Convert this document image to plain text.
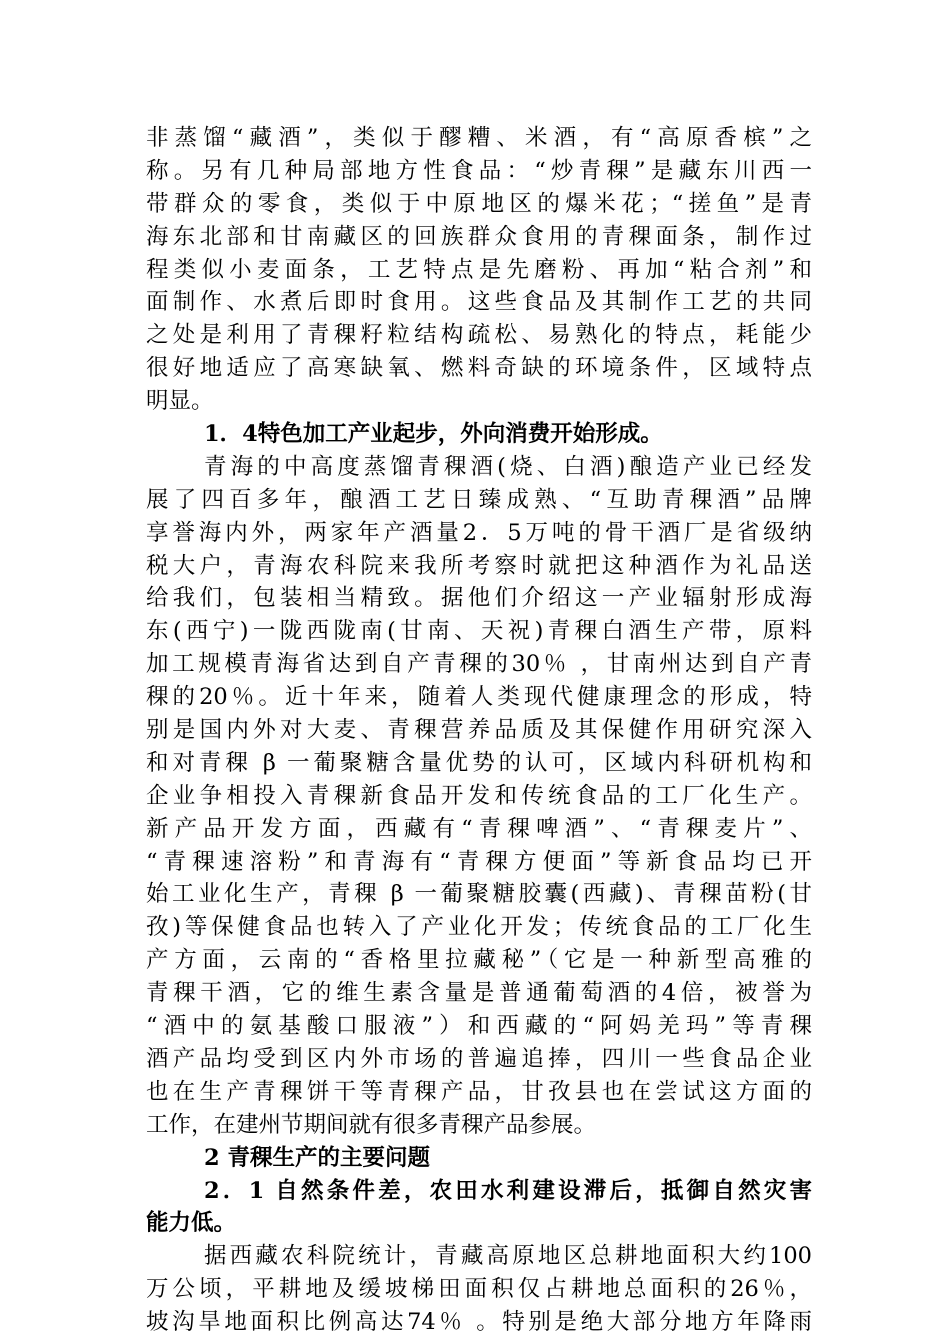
非蒸馏“藏酒”，类似于醪糟、米酒，有“高原香槟”之
称。另有几种局部地方性食品：“炒青稞”是藏东川西一
带群众的零食，类似于中原地区的爆米花；“搓鱼”是青
海东北部和甘南藏区的回族群众食用的青稞面条，制作过
程类似小麦面条，工艺特点是先磨粉、再加“粘合剂”和
面制作、水煮后即时食用。这些食品及其制作工艺的共同
之处是利用了青稞籽粒结构疏松、易熟化的特点，耗能少
很好地适应了高寒缺氧、燃料奇缺的环境条件，区域特点
明显。
1．4特色加工产业起步，外向消费开始形成。
青海的中高度蒸馏青稞酒(烧、白酒)酿造产业已经发
展了四百多年，酿酒工艺日臻成熟、“互助青稞酒”品牌
享誉海内外，两家年产酒量2．5万吨的骨干酒厂是省级纳
税大户，青海农科院来我所考察时就把这种酒作为礼品送
给我们，包装相当精致。据他们介绍这一产业辐射形成海
东(西宁)一陇西陇南(甘南、天祝)青稞白酒生产带，原料
加工规模青海省达到自产青稞的30％ ，甘南州达到自产青
稞的20％。近十年来，随着人类现代健康理念的形成，特
别是国内外对大麦、青稞营养品质及其保健作用研究深入
和对青稞 β 一葡聚糖含量优势的认可，区域内科研机构和
企业争相投入青稞新食品开发和传统食品的工厂化生产。
新产品开发方面，西藏有“青稞啤酒”、“青稞麦片”、
“青稞速溶粉”和青海有“青稞方便面”等新食品均已开
始工业化生产，青稞 β 一葡聚糖胶囊(西藏)、青稞苗粉(甘
孜)等保健食品也转入了产业化开发；传统食品的工厂化生
产方面，云南的“香格里拉藏秘”（它是一种新型高雅的
青稞干酒，它的维生素含量是普通葡萄酒的4倍，被誉为
“酒中的氨基酸口服液”）和西藏的“阿妈羌玛”等青稞
酒产品均受到区内外市场的普遍追捧，四川一些食品企业
也在生产青稞饼干等青稞产品，甘孜县也在尝试这方面的
工作，在建州节期间就有很多青稞产品参展。
2 青稞生产的主要问题
2．1 自然条件差，农田水利建设滞后，抵御自然灾害
能力低。
据西藏农科院统计，青藏高原地区总耕地面积大约100
万公顷，平耕地及缓坡梯田面积仅占耕地总面积的26％，
坡沟旱地面积比例高达74％ 。特别是绝大部分地方年降雨
